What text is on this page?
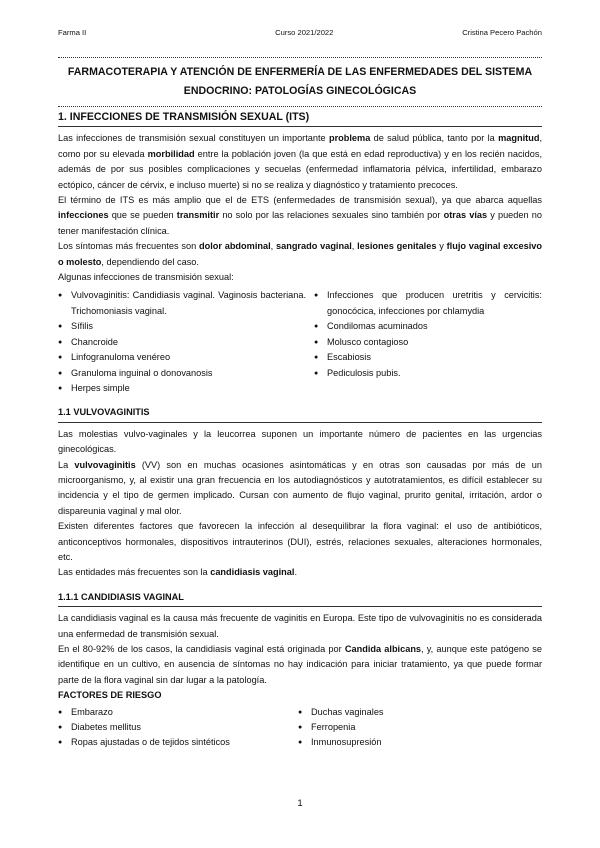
Farma II	Curso 2021/2022	Cristina Pecero Pachón
FARMACOTERAPIA Y ATENCIÓN DE ENFERMERÍA DE LAS ENFERMEDADES DEL SISTEMA
ENDOCRINO: PATOLOGÍAS GINECOLÓGICAS
1. INFECCIONES DE TRANSMISIÓN SEXUAL (ITS)

Las infecciones de transmisión sexual constituyen un importante problema de salud pública, tanto por la magnitud, como por su elevada morbilidad entre la población joven (la que está en edad reproductiva) y en los recién nacidos, además de por sus posibles complicaciones y secuelas (enfermedad inflamatoria pélvica, infertilidad, embarazo ectópico, cáncer de cérvix, e incluso muerte) si no se realiza y diagnóstico y tratamiento precoces.

El término de ITS es más amplio que el de ETS (enfermedades de transmisión sexual), ya que abarca aquellas infecciones que se pueden transmitir no solo por las relaciones sexuales sino también por otras vías y pueden no tener manifestación clínica.

Los síntomas más frecuentes son dolor abdominal, sangrado vaginal, lesiones genitales y flujo vaginal excesivo o molesto, dependiendo del caso.

Algunas infecciones de transmisión sexual:

● Vulvovaginitis: Candidiasis vaginal. Vaginosis bacteriana. Trichomoniasis vaginal.
● Sífilis
● Chancroide
● Linfogranuloma venéreo
● Granuloma inguinal o donovanosis
● Herpes simple
● Infecciones que producen uretritis y cervicitis: gonocócica, infecciones por chlamydia
● Condilomas acuminados
● Molusco contagioso
● Escabiosis
● Pediculosis pubis.
1.1 VULVOVAGINITIS

Las molestias vulvo-vaginales y la leucorrea suponen un importante número de pacientes en las urgencias ginecológicas.

La vulvovaginitis (VV) son en muchas ocasiones asintomáticas y en otras son causadas por más de un microorganismo, y, al existir una gran frecuencia en los autodiagnósticos y autotratamientos, es difícil establecer su incidencia y el tipo de germen implicado. Cursan con aumento de flujo vaginal, prurito genital, irritación, ardor o dispareunia vaginal y mal olor.

Existen diferentes factores que favorecen la infección al desequilibrar la flora vaginal: el uso de antibióticos, anticonceptivos hormonales, dispositivos intrauterinos (DUI), estrés, relaciones sexuales, alteraciones hormonales, etc.

Las entidades más frecuentes son la candidiasis vaginal.

1.1.1 CANDIDIASIS VAGINAL

La candidiasis vaginal es la causa más frecuente de vaginitis en Europa. Este tipo de vulvovaginitis no es considerada una enfermedad de transmisión sexual.

En el 80-92% de los casos, la candidiasis vaginal está originada por Candida albicans, y, aunque este patógeno se identifique en un cultivo, en ausencia de síntomas no hay indicación para iniciar tratamiento, ya que puede formar parte de la flora vaginal sin dar lugar a la patología.

FACTORES DE RIESGO
● Embarazo
● Diabetes mellitus
● Ropas ajustadas o de tejidos sintéticos
● Duchas vaginales
● Ferropenia
● Inmunosupresión
1
